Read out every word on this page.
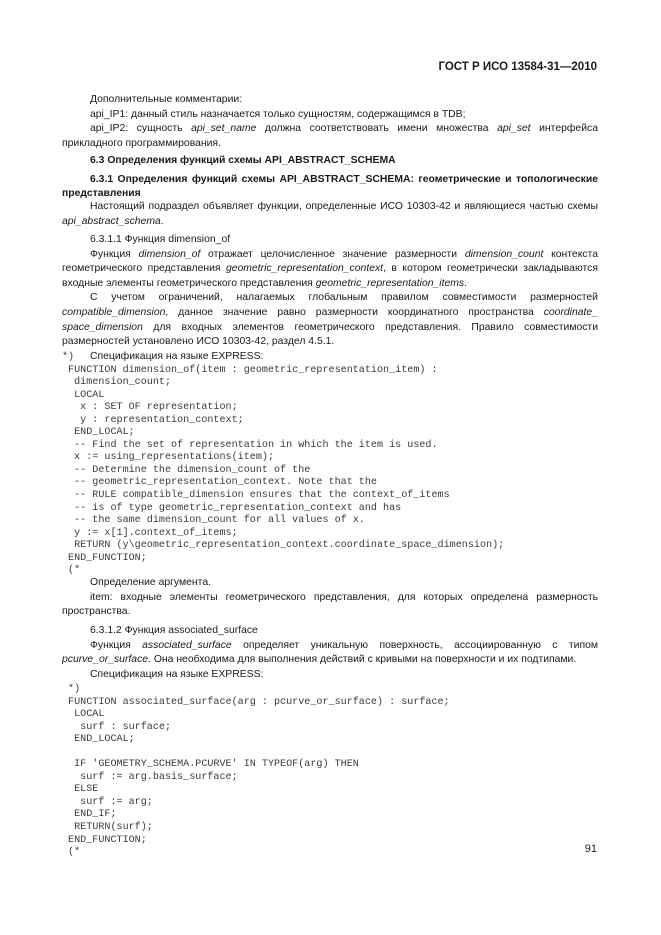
ГОСТ Р ИСО 13584-31—2010

Дополнительные комментарии:

api_IP1: данный стиль назначается только сущностям, содержащимся в TDB;

api_IP2: сущность api_set_name должна соответствовать имени множества api_set интерфейса прикладного программирования.

6.3 Определения функций схемы API_ABSTRACT_SCHEMA

6.3.1 Определения функций схемы API_ABSTRACT_SCHEMA: геометрические и топологические представления

Настоящий подраздел объявляет функции, определенные ИСО 10303-42 и являющиеся частью схемы api_abstract_schema.

6.3.1.1 Функция dimension_of

Функция dimension_of отражает целочисленное значение размерности dimension_count контекста геометрического представления geometric_representation_context, в котором геометрически закладываются входные элементы геометрического представления geometric_representation_items.

С учетом ограничений, налагаемых глобальным правилом совместимости размерностей compatible_dimension, данное значение равно размерности координатного пространства coordinate_ space_dimension для входных элементов геометрического представления. Правило совместимости размерностей установлено ИСО 10303-42, раздел 4.5.1.

Спецификация на языке EXPRESS:

*)
FUNCTION dimension_of(item : geometric_representation_item) :
dimension_count;
LOCAL
x : SET OF representation;
y : representation_context;
END_LOCAL;
-- Find the set of representation in which the item is used.
x := using_representations(item);
-- Determine the dimension_count of the
-- geometric_representation_context. Note that the
-- RULE compatible_dimension ensures that the context_of_items
-- is of type geometric_representation_context and has
-- the same dimension_count for all values of x.
y := x[1].context_of_items;
RETURN (y\geometric_representation_context.coordinate_space_dimension);
END_FUNCTION;
(*

Определение аргумента.

item: входные элементы геометрического представления, для которых определена размерность пространства.

6.3.1.2 Функция associated_surface

Функция associated_surface определяет уникальную поверхность, ассоциированную с типом pcurve_or_surface. Она необходима для выполнения действий с кривыми на поверхности и их подтипами.

Спецификация на языке EXPRESS:

*)
FUNCTION associated_surface(arg : pcurve_or_surface) : surface;
LOCAL
surf : surface;
END_LOCAL;

IF 'GEOMETRY_SCHEMA.PCURVE' IN TYPEOF(arg) THEN
surf := arg.basis_surface;
ELSE
surf := arg;
END_IF;
RETURN(surf);
END_FUNCTION;
(*	91
